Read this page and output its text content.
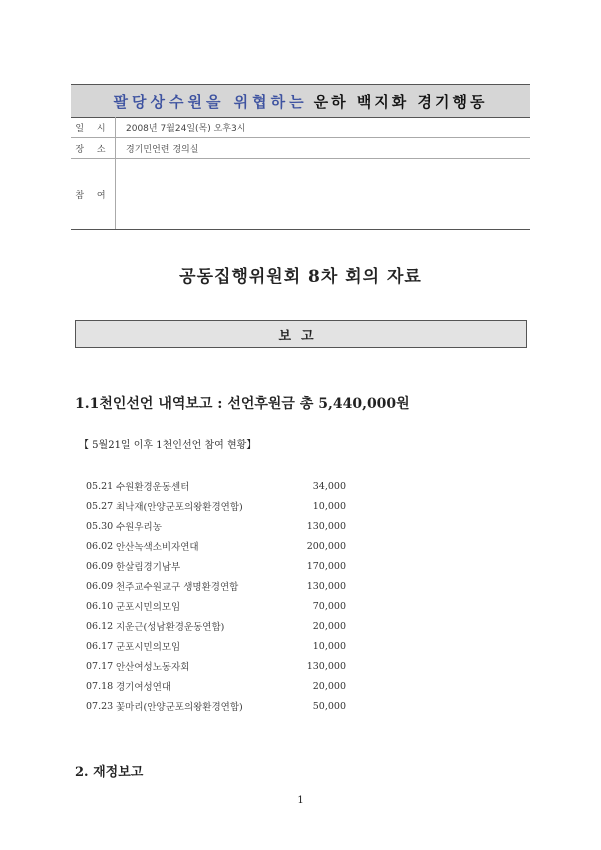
팔당상수원을 위협하는 운하 백지화 경기행동
일 시	2008년 7월24일(목) 오후3시
장 소	경기민언련 경의실
참 여	
공동집행위원회 8차 회의 자료
보고
1.1천인선언 내역보고 : 선언후원금 총 5,440,000원
【 5월21일 이후 1천인선언 참여 현황】
05.21 수원환경운동센터	34,000
05.27 최낙재(안양군포의왕환경연합)	10,000
05.30 수원우리농	130,000
06.02 안산녹색소비자연대	200,000
06.09 한살림경기남부	170,000
06.09 천주교수원교구 생명환경연합	130,000
06.10 군포시민의모임	70,000
06.12 지운근(성남환경운동연합)	20,000
06.17 군포시민의모임	10,000
07.17 안산여성노동자회	130,000
07.18 경기여성연대	20,000
07.23 꽃마리(안양군포의왕환경연합)	50,000
2. 재정보고
1
